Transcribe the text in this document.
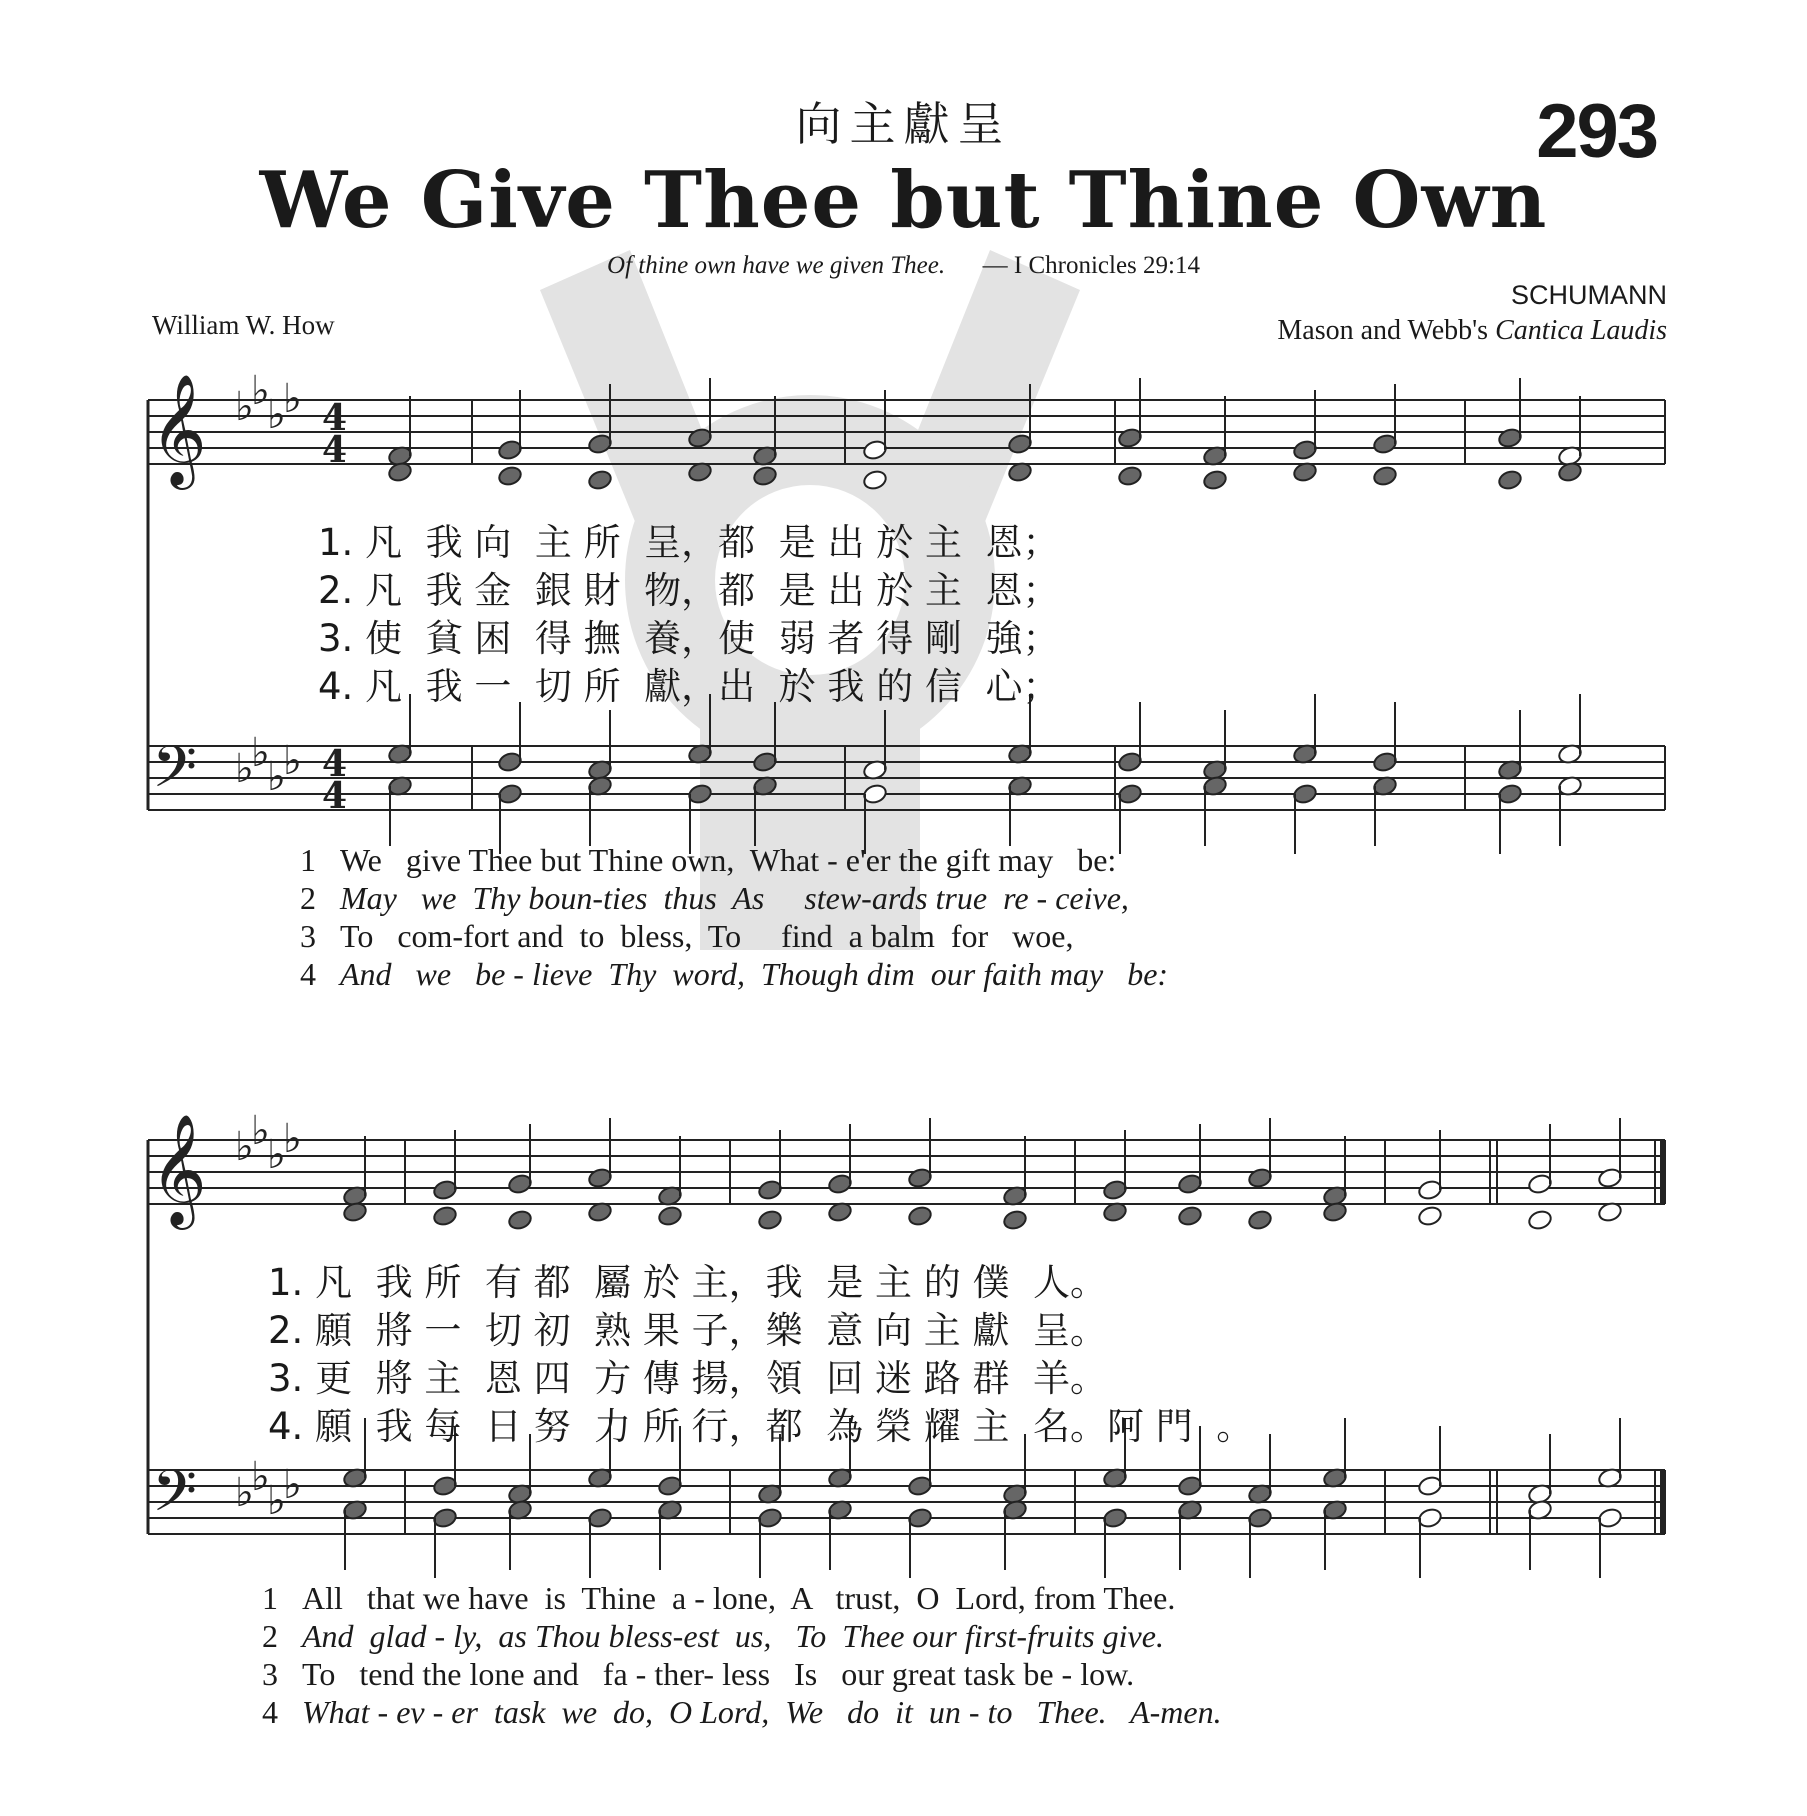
向主獻呈	293
We Give Thee but Thine Own
Of thine own have we given Thee. — I Chronicles 29:14
William W. How
SCHUMANN
Mason and Webb's Cantica Laudis
𝄞
𝄢
♭
♭
♭
♭
♭
♭
♭
♭
4
4
4
4
𝄞
𝄢
♭
♭
♭
♭
♭
♭
♭
♭
1. 凡  我 向  主 所  呈，都  是 出 於 主  恩；
2. 凡  我 金  銀 財  物，都  是 出 於 主  恩；
3. 使  貧 困  得 撫  養，使  弱 者 得 剛  強；
4. 凡  我 一  切 所  獻，出  於 我 的 信  心；
1 We   give Thee but Thine own,  What - e'er the gift may   be:
2 May   we  Thy boun-ties  thus  As     stew-ards true  re - ceive,
3 To   com-fort and  to  bless,  To     find  a balm  for   woe,
4 And   we   be - lieve  Thy  word,  Though dim  our faith may   be:
1. 凡  我 所  有 都  屬 於 主，我  是 主 的 僕  人。
2. 願  將 一  切 初  熟 果 子，樂  意 向 主 獻  呈。
3. 更  將 主  恩 四  方 傳 揚，領  回 迷 路 群  羊。
4. 願  我 每  日 努  力 所 行，都  為 榮 耀 主  名。阿 門  。
1 All   that we have  is  Thine  a - lone,  A   trust,  O  Lord, from Thee.
2 And  glad - ly,  as Thou bless-est  us,   To  Thee our first-fruits give.
3 To   tend the lone and   fa - ther- less   Is   our great task be - low.
4 What - ev - er  task  we  do,  O Lord,  We   do  it  un - to   Thee.   A-men.
